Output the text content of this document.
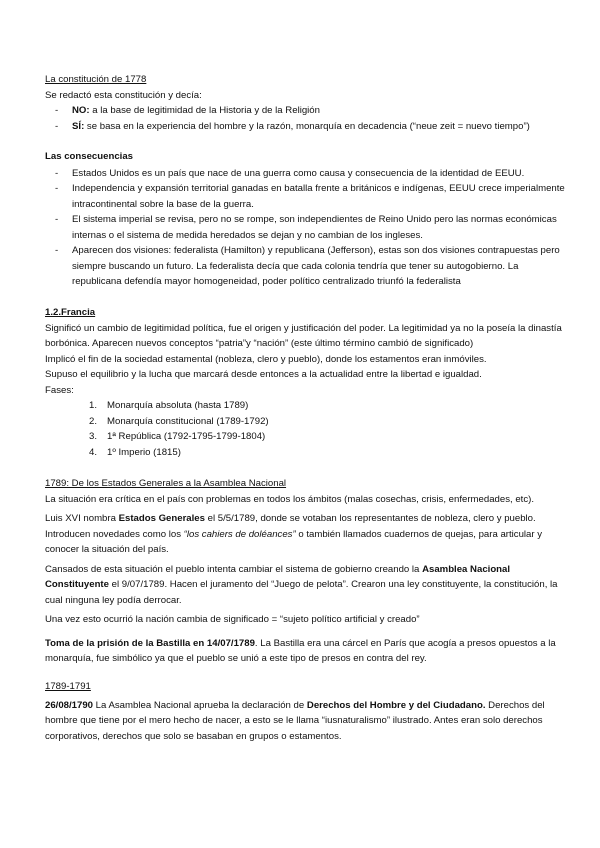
La constitución de 1778
Se redactó esta constitución y decía:
- NO: a la base de legitimidad de la Historia y de la Religión
- SÍ: se basa en la experiencia del hombre y la razón, monarquía en decadencia (“neue zeit = nuevo tiempo”)
Las consecuencias
- Estados Unidos es un país que nace de una guerra como causa y consecuencia de la identidad de EEUU.
- Independencia y expansión territorial ganadas en batalla frente a británicos e indígenas, EEUU crece imperialmente intracontinental sobre la base de la guerra.
- El sistema imperial se revisa, pero no se rompe, son independientes de Reino Unido pero las normas económicas internas o el sistema de medida heredados se dejan y no cambian de los ingleses.
- Aparecen dos visiones: federalista (Hamilton) y republicana (Jefferson), estas son dos visiones contrapuestas pero siempre buscando un futuro. La federalista decía que cada colonia tendría que tener su autogobierno. La republicana defendía mayor homogeneidad, poder político centralizado triunfó la federalista
1.2.Francia
Significó un cambio de legitimidad política, fue el origen y justificación del poder. La legitimidad ya no la poseía la dinastía borbónica. Aparecen nuevos conceptos “patria”y “nación” (este último término cambió de significado)
Implicó el fin de la sociedad estamental (nobleza, clero y pueblo), donde los estamentos eran inmóviles.
Supuso el equilibrio y la lucha que marcará desde entonces a la actualidad entre la libertad e igualdad.
Fases:
1. Monarquía absoluta (hasta 1789)
2. Monarquía constitucional (1789-1792)
3. 1ª República (1792-1795-1799-1804)
4. 1º Imperio (1815)
1789: De los Estados Generales a la Asamblea Nacional
La situación era crítica en el país con problemas en todos los ámbitos (malas cosechas, crisis, enfermedades, etc).
Luis XVI nombra Estados Generales el 5/5/1789, donde se votaban los representantes de nobleza, clero y pueblo. Introducen novedades como los “los cahiers de doléances” o también llamados cuadernos de quejas, para articular y conocer la situación del país.
Cansados de esta situación el pueblo intenta cambiar el sistema de gobierno creando la Asamblea Nacional Constituyente el 9/07/1789. Hacen el juramento del “Juego de pelota”. Crearon una ley constituyente, la constitución, la cual ninguna ley podía derrocar.
Una vez esto ocurrió la nación cambia de significado = “sujeto político artificial y creado”
Toma de la prisión de la Bastilla en 14/07/1789. La Bastilla era una cárcel en París que acogía a presos opuestos a la monarquía, fue simbólico ya que el pueblo se unió a este tipo de presos en contra del rey.
1789-1791
26/08/1790 La Asamblea Nacional aprueba la declaración de Derechos del Hombre y del Ciudadano. Derechos del hombre que tiene por el mero hecho de nacer, a esto se le llama “iusnaturalismo” ilustrado. Antes eran solo derechos corporativos, derechos que solo se basaban en grupos o estamentos.
